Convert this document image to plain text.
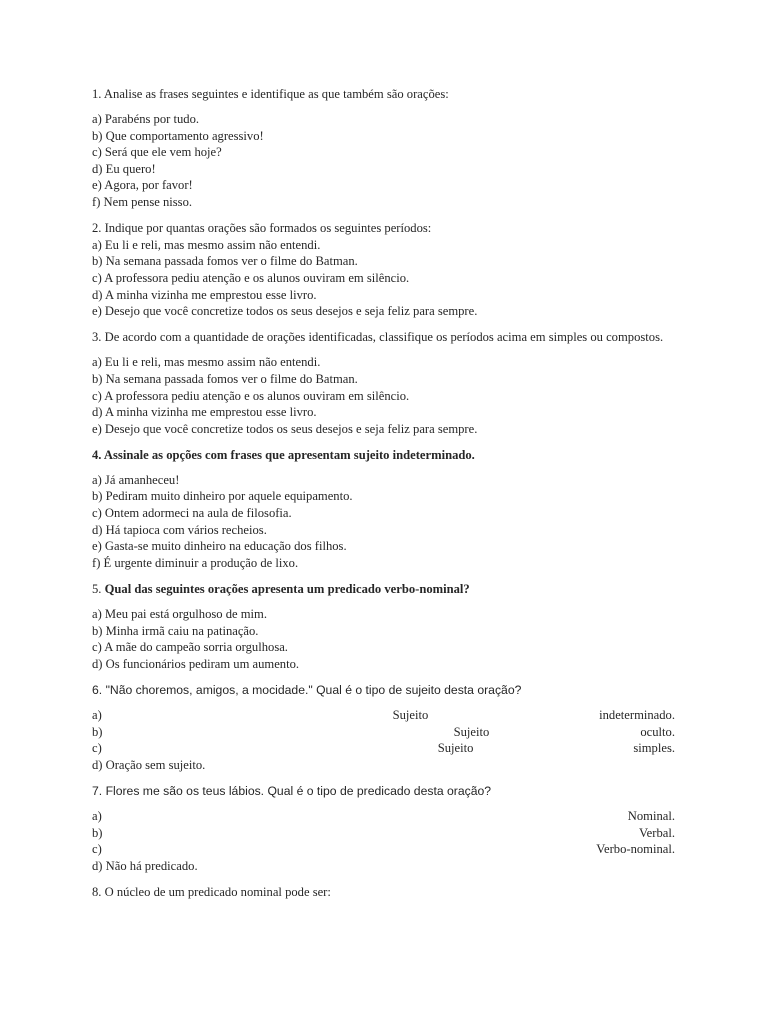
1. Analise as frases seguintes e identifique as que também são orações:
a) Parabéns por tudo.
b) Que comportamento agressivo!
c) Será que ele vem hoje?
d) Eu quero!
e) Agora, por favor!
f) Nem pense nisso.
2. Indique por quantas orações são formados os seguintes períodos:
a) Eu li e reli, mas mesmo assim não entendi.
b) Na semana passada fomos ver o filme do Batman.
c) A professora pediu atenção e os alunos ouviram em silêncio.
d) A minha vizinha me emprestou esse livro.
e) Desejo que você concretize todos os seus desejos e seja feliz para sempre.
3. De acordo com a quantidade de orações identificadas, classifique os períodos acima em simples ou compostos.
a) Eu li e reli, mas mesmo assim não entendi.
b) Na semana passada fomos ver o filme do Batman.
c) A professora pediu atenção e os alunos ouviram em silêncio.
d) A minha vizinha me emprestou esse livro.
e) Desejo que você concretize todos os seus desejos e seja feliz para sempre.
4. Assinale as opções com frases que apresentam sujeito indeterminado.
a) Já amanheceu!
b) Pediram muito dinheiro por aquele equipamento.
c) Ontem adormeci na aula de filosofia.
d) Há tapioca com vários recheios.
e) Gasta-se muito dinheiro na educação dos filhos.
f) É urgente diminuir a produção de lixo.
5. Qual das seguintes orações apresenta um predicado verbo-nominal?
a) Meu pai está orgulhoso de mim.
b) Minha irmã caiu na patinação.
c) A mãe do campeão sorria orgulhosa.
d) Os funcionários pediram um aumento.
6. "Não choremos, amigos, a mocidade." Qual é o tipo de sujeito desta oração?
a)	Sujeito	indeterminado.
b)	Sujeito	oculto.
c)	Sujeito	simples.
d) Oração sem sujeito.
7. Flores me são os teus lábios. Qual é o tipo de predicado desta oração?
a)	Nominal.
b)	Verbal.
c)	Verbo-nominal.
d) Não há predicado.
8. O núcleo de um predicado nominal pode ser:
